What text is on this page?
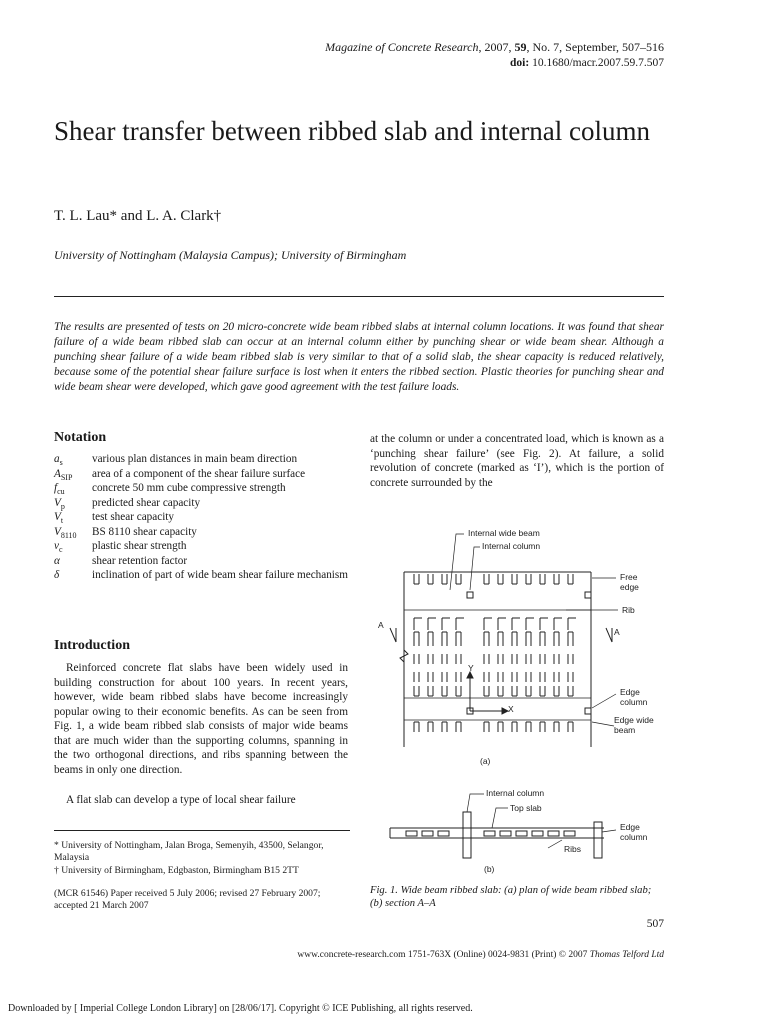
Magazine of Concrete Research, 2007, 59, No. 7, September, 507–516
doi: 10.1680/macr.2007.59.7.507
Shear transfer between ribbed slab and internal column
T. L. Lau* and L. A. Clark†
University of Nottingham (Malaysia Campus); University of Birmingham

The results are presented of tests on 20 micro-concrete wide beam ribbed slabs at internal column locations. It was found that shear failure of a wide beam ribbed slab can occur at an internal column either by punching shear or wide beam shear. Although a punching shear failure of a wide beam ribbed slab is very similar to that of a solid slab, the shear capacity is reduced relatively, because some of the potential shear failure surface is lost when it enters the ribbed section. Plastic theories for punching shear and wide beam shear were developed, which gave good agreement with the test failure loads.

Notation
$a_s$	various plan distances in main beam direction
$A_{SIP}$	area of a component of the shear failure surface
$f_{cu}$	concrete 50 mm cube compressive strength
$V_p$	predicted shear capacity
$V_t$	test shear capacity
$V_{8110}$	BS 8110 shear capacity
$v_c$	plastic shear strength
α	shear retention factor
δ	inclination of part of wide beam shear failure mechanism
Introduction

Reinforced concrete flat slabs have been widely used in building construction for about 100 years. In recent years, however, wide beam ribbed slabs have become increasingly popular owing to their economic benefits. As can be seen from Fig. 1, a wide beam ribbed slab consists of major wide beams that are much wider than the supporting columns, spanning in the two orthogonal directions, and ribs spanning between the beams in only one direction.

A flat slab can develop a type of local shear failure

* University of Nottingham, Jalan Broga, Semenyih, 43500, Selangor, Malaysia

† University of Birmingham, Edgbaston, Birmingham B15 2TT

(MCR 61546) Paper received 5 July 2006; revised 27 February 2007; accepted 21 March 2007

at the column or under a concentrated load, which is known as a ‘punching shear failure’ (see Fig. 2). At failure, a solid revolution of concrete (marked as ‘I’), which is the portion of concrete surrounded by the

Internal wide beam
Internal column
Free
edge
Rib
A
A
Y
X
Edge
column
Edge wide
beam
(a)
Internal column
Top slab
Edge
column
Ribs
(b)

Fig. 1. Wide beam ribbed slab: (a) plan of wide beam ribbed slab; (b) section A–A

507
www.concrete-research.com 1751-763X (Online) 0024-9831 (Print) © 2007 Thomas Telford Ltd
Downloaded by [ Imperial College London Library] on [28/06/17]. Copyright © ICE Publishing, all rights reserved.
